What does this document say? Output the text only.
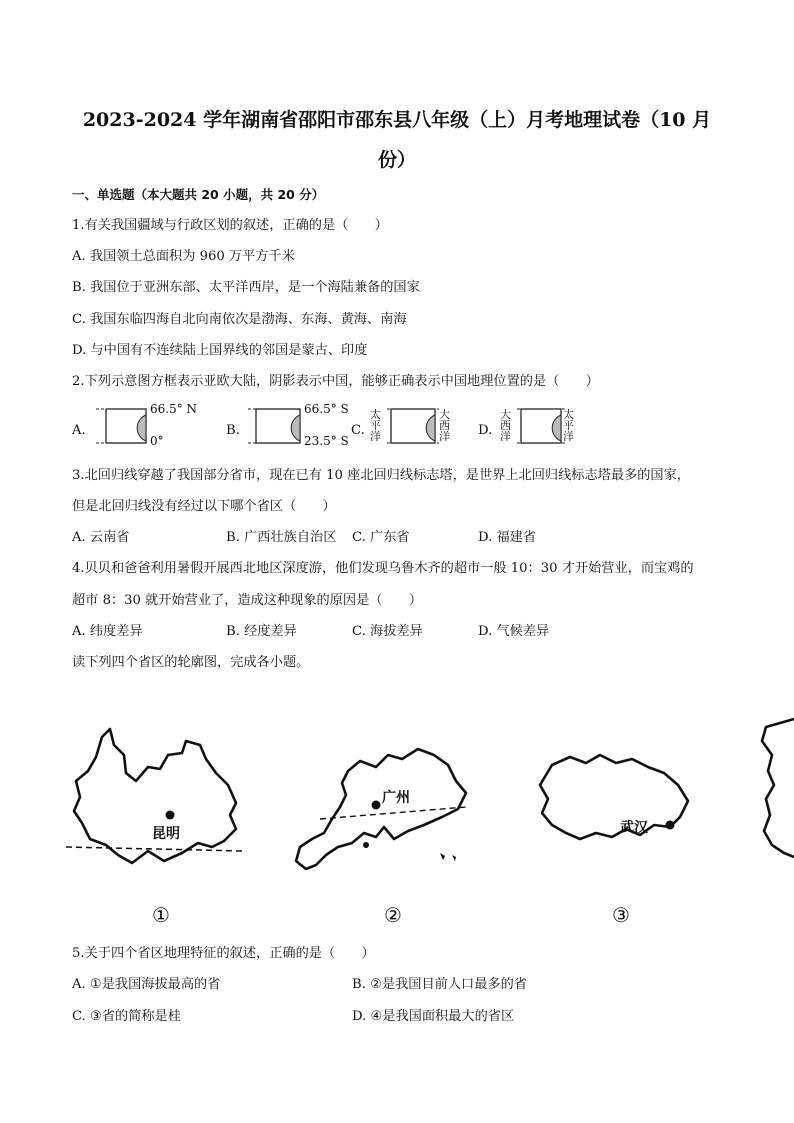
2023-2024 学年湖南省邵阳市邵东县八年级（上）月考地理试卷（10 月
份）
一、单选题（本大题共 20 小题，共 20 分）
1.有关我国疆域与行政区划的叙述，正确的是（　　）
A. 我国领土总面积为 960 万平方千米
B. 我国位于亚洲东部、太平洋西岸，是一个海陆兼备的国家
C. 我国东临四海自北向南依次是渤海、东海、黄海、南海
D. 与中国有不连续陆上国界线的邻国是蒙古、印度
2.下列示意图方框表示亚欧大陆，阴影表示中国，能够正确表示中国地理位置的是（　　）
A.
66.5° N
0°
B.
66.5° S
23.5° S
C.
太
平
洋
大
西
洋 D.
大
西
洋
太
平
洋
3.北回归线穿越了我国部分省市，现在已有 10 座北回归线标志塔，是世界上北回归线标志塔最多的国家，
但是北回归线没有经过以下哪个省区（　　）
A. 云南省	B. 广西壮族自治区 C. 广东省	D. 福建省
4.贝贝和爸爸利用暑假开展西北地区深度游，他们发现乌鲁木齐的超市一般 10：30 才开始营业，而宝鸡的
超市 8：30 就开始营业了，造成这种现象的原因是（　　）
A. 纬度差异	B. 经度差异	C. 海拔差异	D. 气候差异
读下列四个省区的轮廓图，完成各小题。
昆明
①
广州
②
武汉
③
5.关于四个省区地理特征的叙述，正确的是（　　）
A. ①是我国海拔最高的省	B. ②是我国目前人口最多的省
C. ③省的简称是桂	D. ④是我国面积最大的省区
